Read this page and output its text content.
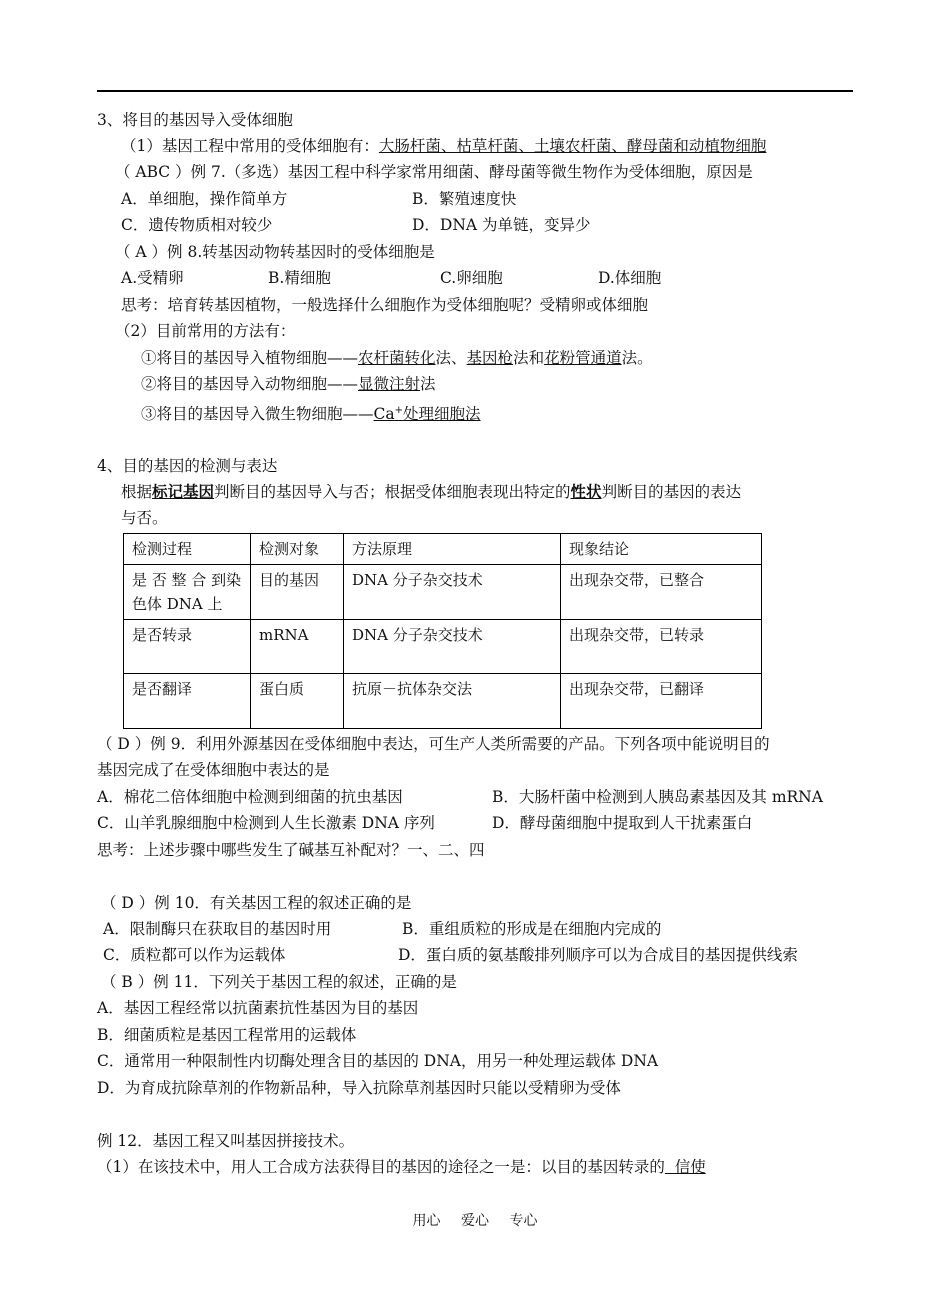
3、将目的基因导入受体细胞
（1）基因工程中常用的受体细胞有：大肠杆菌、枯草杆菌、土壤农杆菌、酵母菌和动植物细胞
（ ABC ）例 7.（多选）基因工程中科学家常用细菌、酵母菌等微生物作为受体细胞，原因是
A．单细胞，操作简单方	B．繁殖速度快
C．遗传物质相对较少	D．DNA 为单链，变异少
（ A ）例 8.转基因动物转基因时的受体细胞是
A.受精卵	B.精细胞	C.卵细胞	D.体细胞
思考：培育转基因植物，一般选择什么细胞作为受体细胞呢？受精卵或体细胞
（2）目前常用的方法有：
①将目的基因导入植物细胞——农杆菌转化法、基因枪法和花粉管通道法。
②将目的基因导入动物细胞——显微注射法
③将目的基因导入微生物细胞——Ca+处理细胞法
4、目的基因的检测与表达
根据标记基因判断目的基因导入与否；根据受体细胞表现出特定的性状判断目的基因的表达
与否。
检测过程	检测对象	方法原理	现象结论
是 否 整 合 到染色体 DNA 上	目的基因	DNA 分子杂交技术	出现杂交带，已整合
是否转录	mRNA	DNA 分子杂交技术	出现杂交带，已转录
是否翻译	蛋白质	抗原－抗体杂交法	出现杂交带，已翻译
（ D ）例 9．利用外源基因在受体细胞中表达，可生产人类所需要的产品。下列各项中能说明目的
基因完成了在受体细胞中表达的是
A．棉花二倍体细胞中检测到细菌的抗虫基因	B．大肠杆菌中检测到人胰岛素基因及其 mRNA
C．山羊乳腺细胞中检测到人生长激素 DNA 序列	D．酵母菌细胞中提取到人干扰素蛋白
思考：上述步骤中哪些发生了碱基互补配对？一、二、四
（ D ）例 10．有关基因工程的叙述正确的是
A．限制酶只在获取目的基因时用	B．重组质粒的形成是在细胞内完成的
C．质粒都可以作为运载体	D．蛋白质的氨基酸排列顺序可以为合成目的基因提供线索
（ B ）例 11．下列关于基因工程的叙述，正确的是
A．基因工程经常以抗菌素抗性基因为目的基因
B．细菌质粒是基因工程常用的运载体
C．通常用一种限制性内切酶处理含目的基因的 DNA，用另一种处理运载体 DNA
D．为育成抗除草剂的作物新品种，导入抗除草剂基因时只能以受精卵为受体
例 12．基因工程又叫基因拼接技术。
（1）在该技术中，用人工合成方法获得目的基因的途径之一是：以目的基因转录的  信使
用心 爱心 专心
